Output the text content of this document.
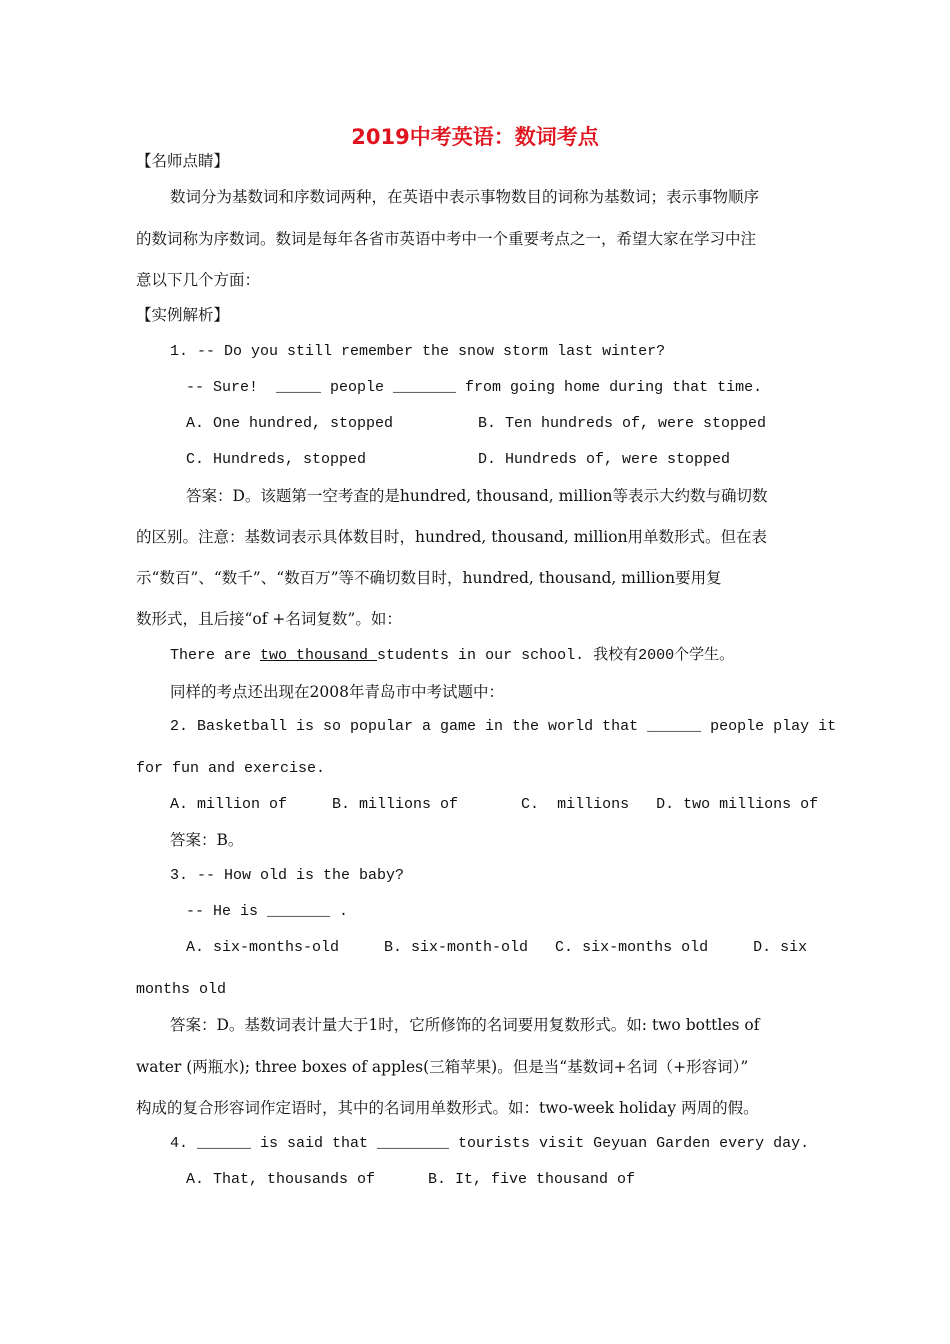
2019中考英语：数词考点
【名师点睛】
数词分为基数词和序数词两种，在英语中表示事物数目的词称为基数词；表示事物顺序
的数词称为序数词。数词是每年各省市英语中考中一个重要考点之一，希望大家在学习中注
意以下几个方面：
【实例解析】
1. -- Do you still remember the snow storm last winter?
-- Sure!  _____ people _______ from going home during that time.
A. One hundred, stopped	B. Ten hundreds of, were stopped
C. Hundreds, stopped	D. Hundreds of, were stopped
答案：D。该题第一空考查的是hundred, thousand, million等表示大约数与确切数
的区别。注意：基数词表示具体数目时，hundred, thousand, million用单数形式。但在表
示“数百”、“数千”、“数百万”等不确切数目时，hundred, thousand, million要用复
数形式，且后接“of +名词复数”。如：
There are two thousand students in our school. 我校有2000个学生。
同样的考点还出现在2008年青岛市中考试题中：
2. Basketball is so popular a game in the world that ______ people play it
for fun and exercise.
A. million of     B. millions of       C.  millions   D. two millions of
答案：B。
3. -- How old is the baby?
-- He is _______ .
A. six-months-old     B. six-month-old   C. six-months old     D. six
months old
答案：D。基数词表计量大于1时，它所修饰的名词要用复数形式。如: two bottles of
water (两瓶水); three boxes of apples(三箱苹果)。但是当“基数词+名词（+形容词）”
构成的复合形容词作定语时，其中的名词用单数形式。如：two-week holiday 两周的假。
4. ______ is said that ________ tourists visit Geyuan Garden every day.
A. That, thousands of	B. It, five thousand of
